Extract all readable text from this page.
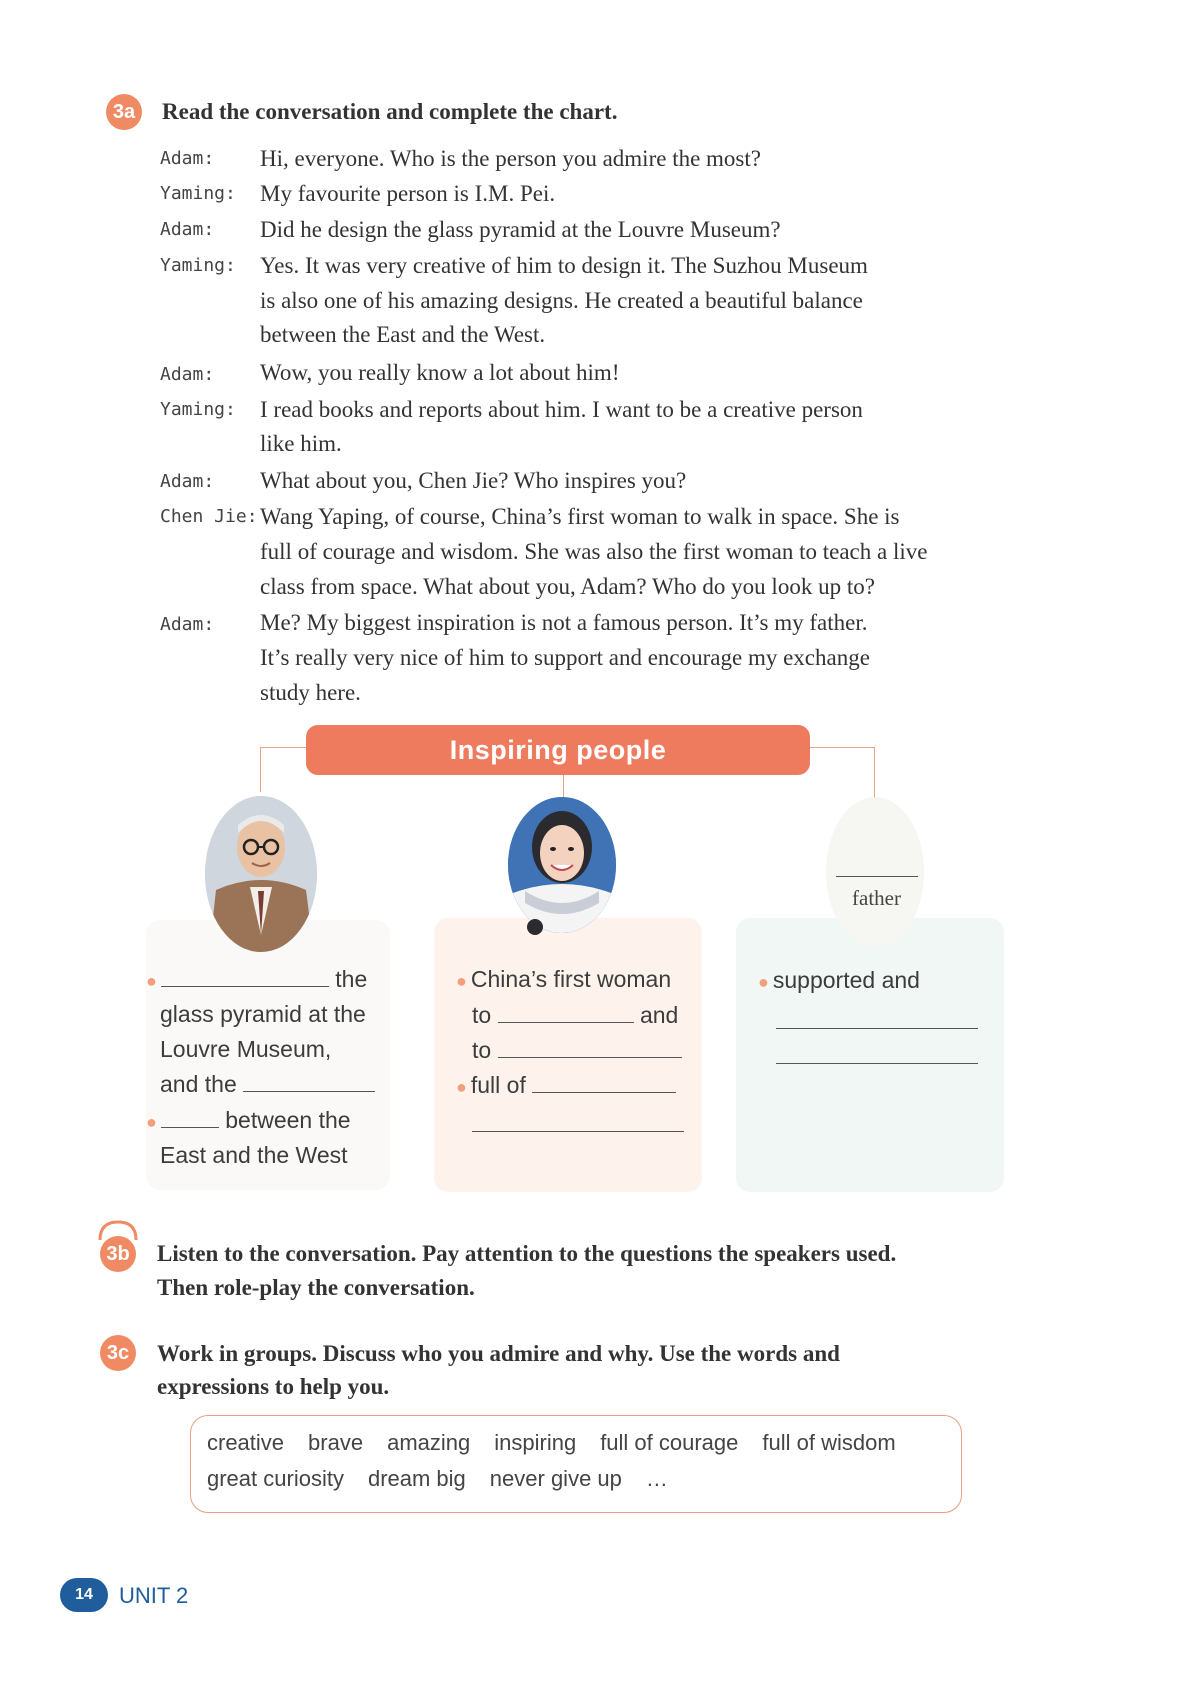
3a Read the conversation and complete the chart.
Adam: Hi, everyone. Who is the person you admire the most?
Yaming: My favourite person is I.M. Pei.
Adam: Did he design the glass pyramid at the Louvre Museum?
Yaming: Yes. It was very creative of him to design it. The Suzhou Museum
is also one of his amazing designs. He created a beautiful balance
between the East and the West.
Adam: Wow, you really know a lot about him!
Yaming: I read books and reports about him. I want to be a creative person
like him.
Adam: What about you, Chen Jie? Who inspires you?
Chen Jie: Wang Yaping, of course, China’s first woman to walk in space. She is
full of courage and wisdom. She was also the first woman to teach a live
class from space. What about you, Adam? Who do you look up to?
Adam: Me? My biggest inspiration is not a famous person. It’s my father.
It’s really very nice of him to support and encourage my exchange
study here.
Inspiring people
father
●	the
glass pyramid at the
Louvre Museum,
and the
●	between the
East and the West
● China’s first woman
to	and
to
● full of
● supported and
3b Listen to the conversation. Pay attention to the questions the speakers used.
Then role-play the conversation.
3c Work in groups. Discuss who you admire and why. Use the words and
expressions to help you.
creative brave amazing inspiring full of courage full of wisdom
great curiosity dream big never give up …
14	UNIT 2
